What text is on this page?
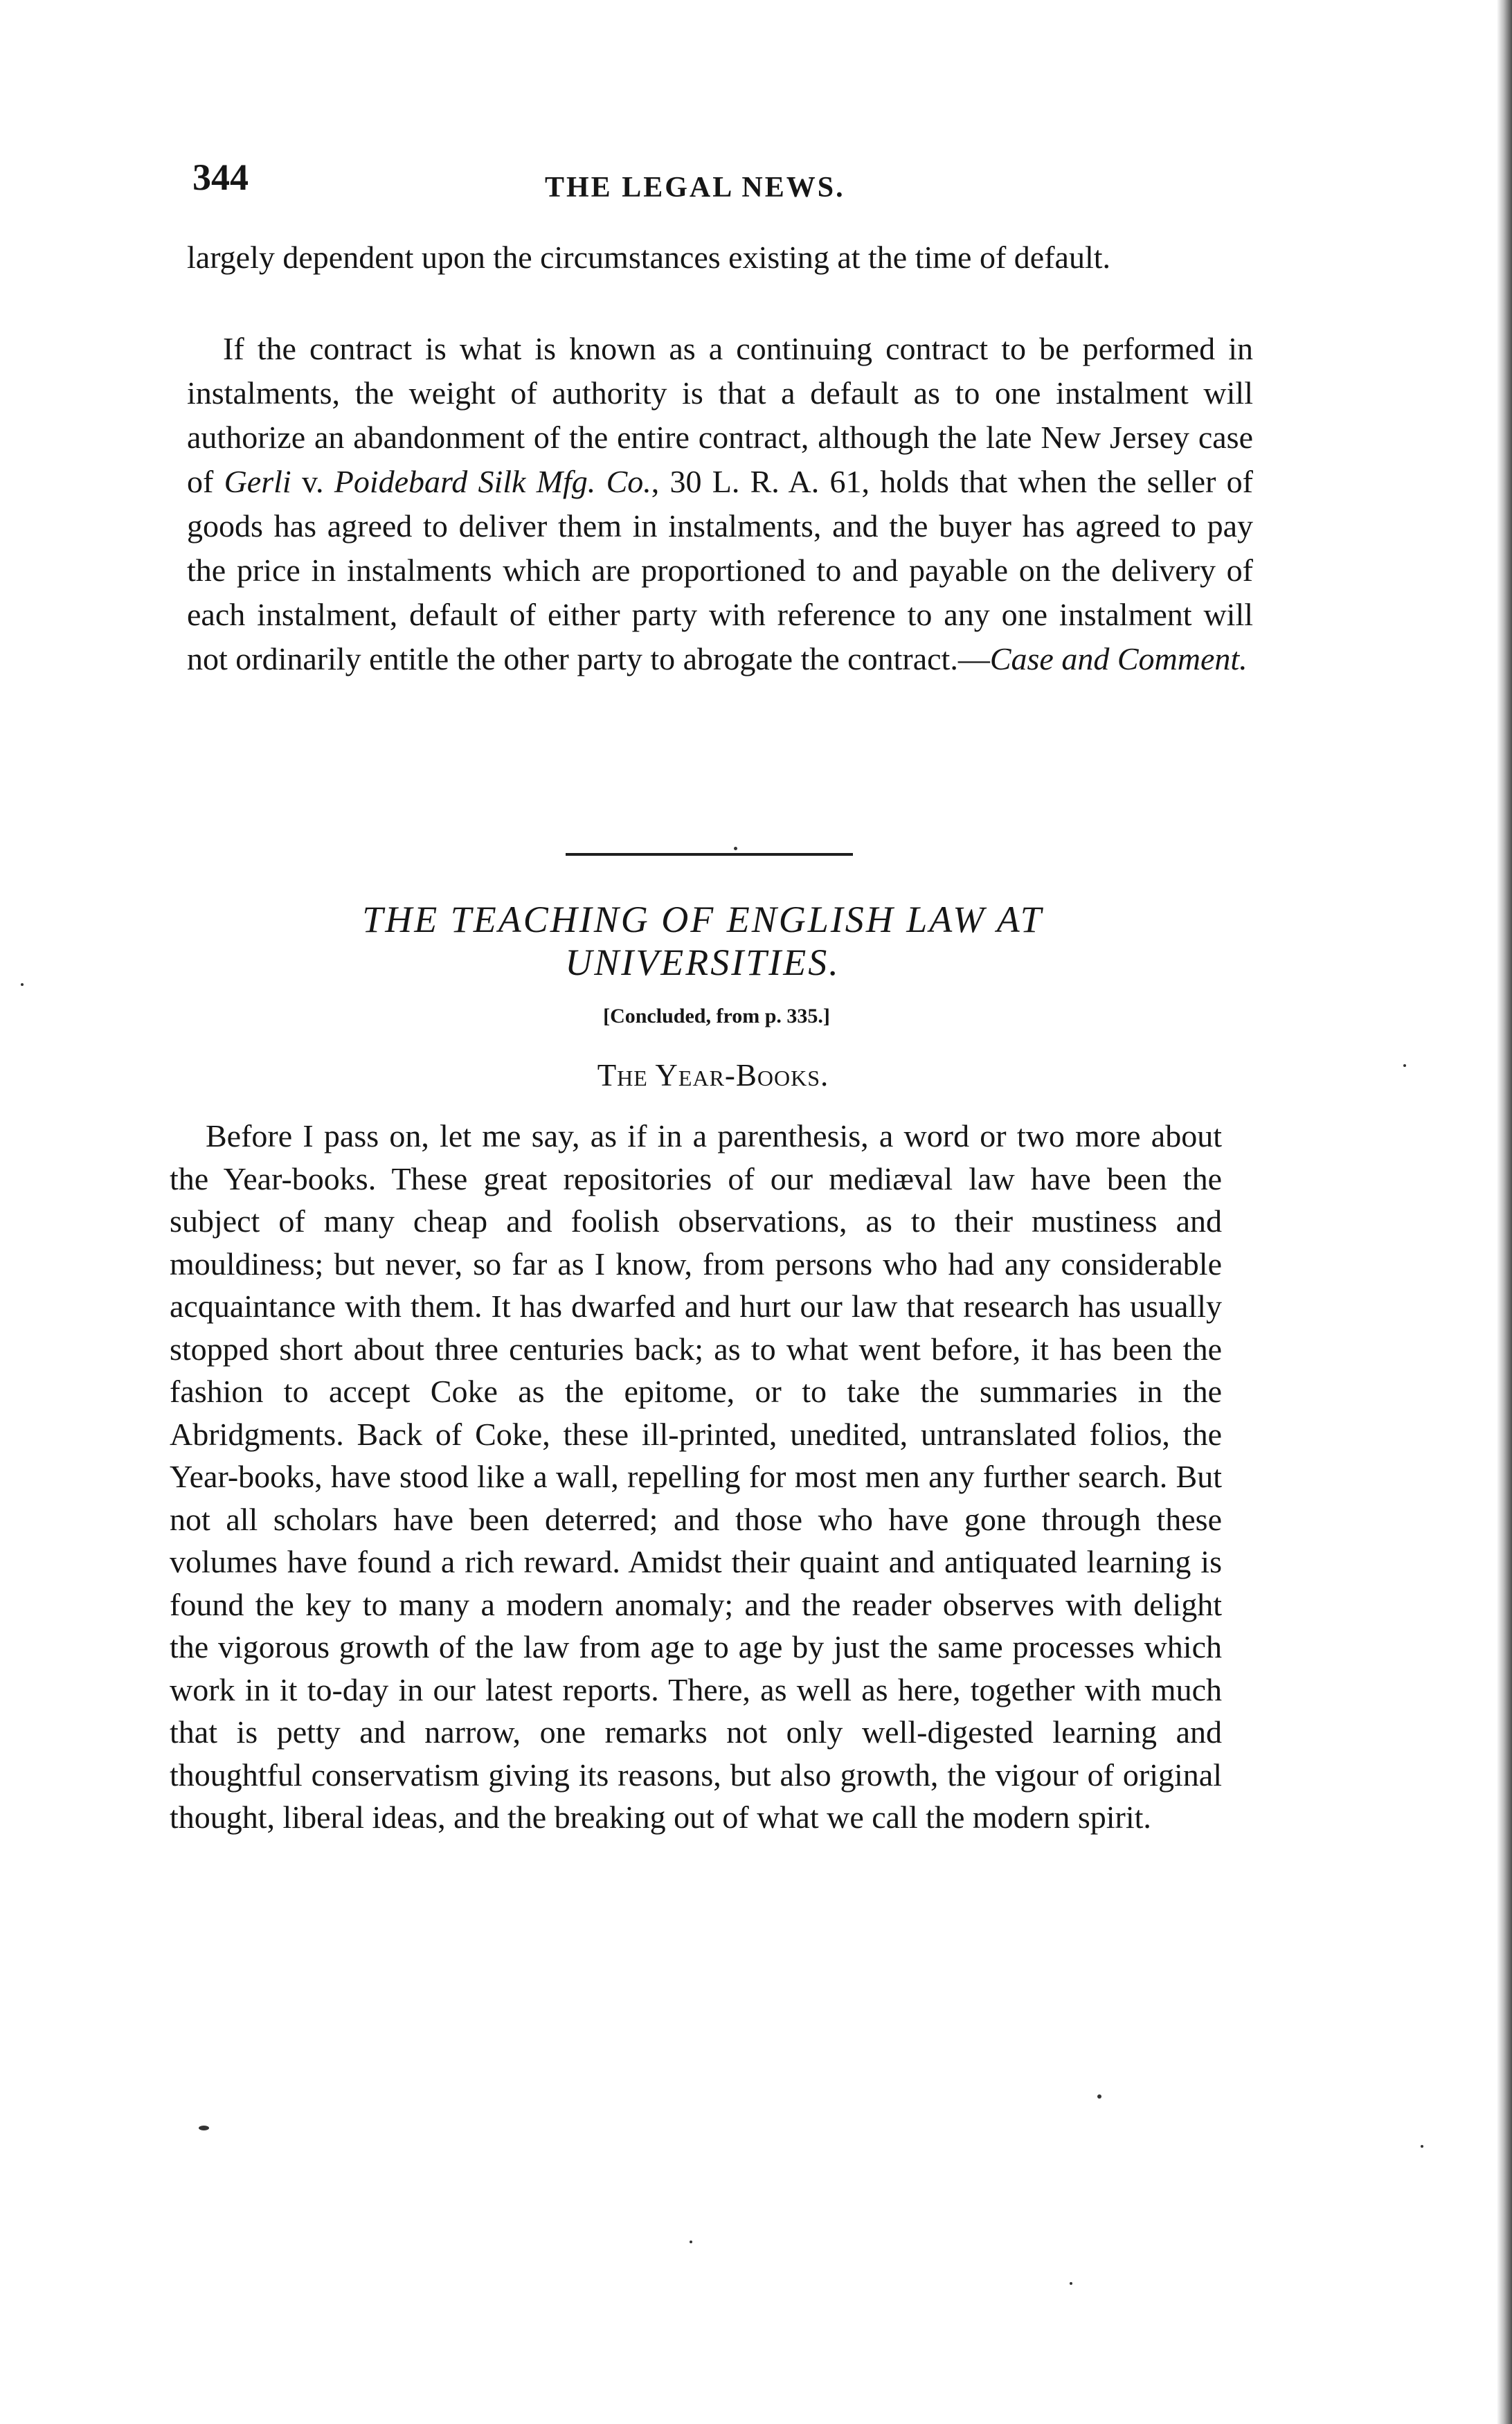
344	THE LEGAL NEWS.
largely dependent upon the circumstances existing at the time of default.
If the contract is what is known as a continuing contract to be performed in instalments, the weight of authority is that a default as to one instalment will authorize an abandonment of the entire contract, although the late New Jersey case of Gerli v. Poidebard Silk Mfg. Co., 30 L. R. A. 61, holds that when the seller of goods has agreed to deliver them in instalments, and the buyer has agreed to pay the price in instalments which are proportioned to and payable on the delivery of each instalment, default of either party with reference to any one instalment will not ordinarily entitle the other party to abrogate the contract.—Case and Comment.
THE TEACHING OF ENGLISH LAW AT
UNIVERSITIES.
[Concluded, from p. 335.]
The Year-Books.
Before I pass on, let me say, as if in a parenthesis, a word or two more about the Year-books. These great repositories of our mediæval law have been the subject of many cheap and foolish observations, as to their mustiness and mouldiness; but never, so far as I know, from persons who had any considerable acquaintance with them. It has dwarfed and hurt our law that research has usually stopped short about three centuries back; as to what went before, it has been the fashion to accept Coke as the epitome, or to take the summaries in the Abridgments. Back of Coke, these ill-printed, unedited, untranslated folios, the Year-books, have stood like a wall, repelling for most men any further search. But not all scholars have been deterred; and those who have gone through these volumes have found a rich reward. Amidst their quaint and antiquated learning is found the key to many a modern anomaly; and the reader observes with delight the vigorous growth of the law from age to age by just the same processes which work in it to-day in our latest reports. There, as well as here, together with much that is petty and narrow, one remarks not only well-digested learning and thoughtful conservatism giving its reasons, but also growth, the vigour of original thought, liberal ideas, and the breaking out of what we call the modern spirit.
